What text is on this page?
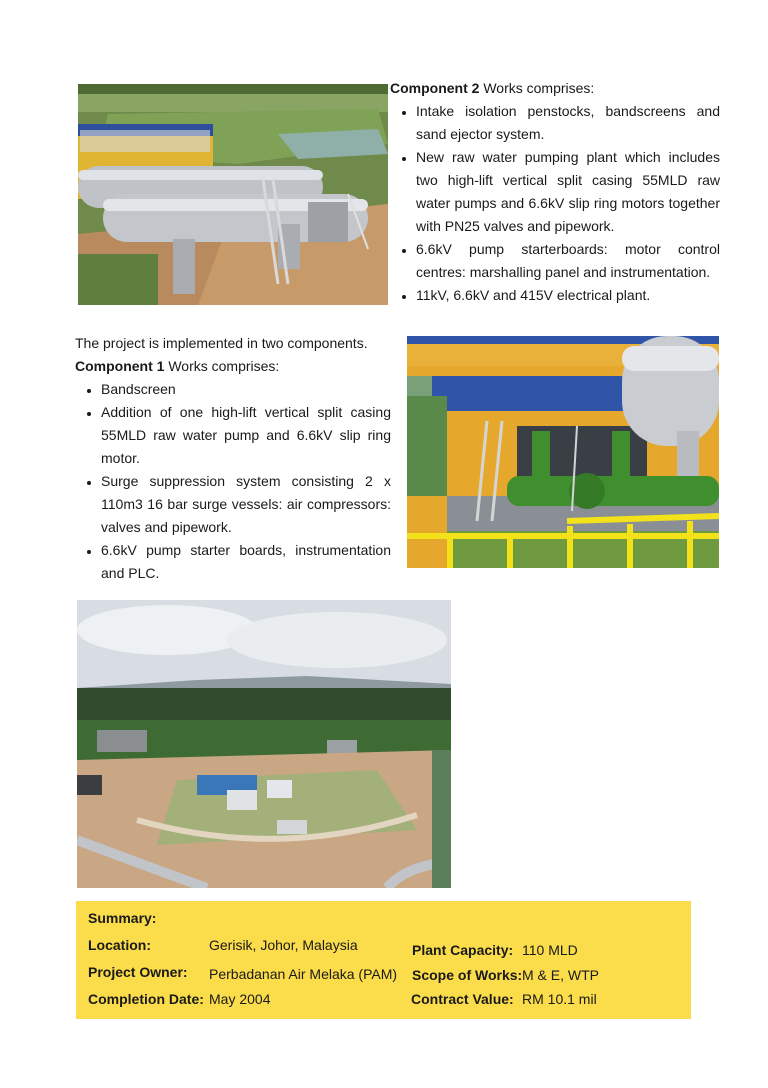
Component 2 Works comprises:
• Intake isolation penstocks, bandscreens and sand ejector system.
• New raw water pumping plant which includes two high-lift vertical split casing 55MLD raw water pumps and 6.6kV slip ring motors together with PN25 valves and pipework.
• 6.6kV pump starterboards: motor control centres: marshalling panel and instrumentation.
• 11kV, 6.6kV and 415V electrical plant.
The project is implemented in two components.
Component 1 Works comprises:
• Bandscreen
• Addition of one high-lift vertical split casing 55MLD raw water pump and 6.6kV slip ring motor.
• Surge suppression system consisting 2 x 110m3 16 bar surge vessels: air compressors: valves and pipework.
• 6.6kV pump starter boards, instrumentation and PLC.
Summary:
Location:	Gerisik, Johor, Malaysia
Project Owner: Perbadanan Air Melaka (PAM)
Completion Date: May 2004
Plant Capacity: 110 MLD
Scope of Works: M & E, WTP
Contract Value: RM 10.1 mil
